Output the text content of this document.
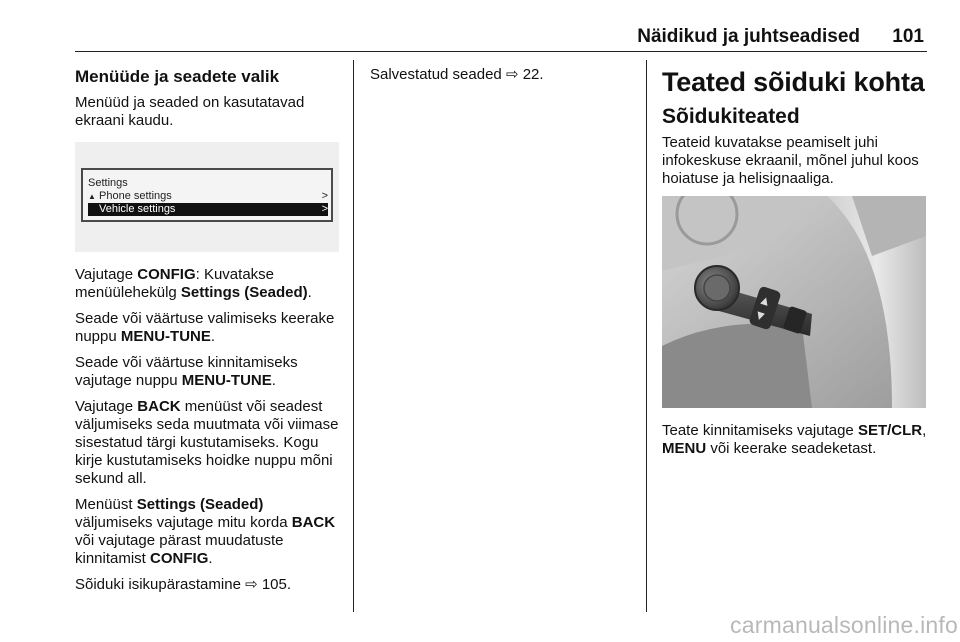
Näidikud ja juhtseadised	101
Menüüde ja seadete valik

Menüüd ja seaded on kasutatavad ekraani kaudu.

Settings
▲ Phone settings	>
Vehicle settings	>

Vajutage CONFIG: Kuvatakse menüülehekülg Settings (Seaded).

Seade või väärtuse valimiseks keerake nuppu MENU-TUNE.

Seade või väärtuse kinnitamiseks vajutage nuppu MENU-TUNE.

Vajutage BACK menüüst või seadest väljumiseks seda muutmata või viimase sisestatud tärgi kustutamiseks. Kogu kirje kustutamiseks hoidke nuppu mõni sekund all.

Menüüst Settings (Seaded) väljumiseks vajutage mitu korda BACK või vajutage pärast muudatuste kinnitamist CONFIG.

Sõiduki isikupärastamine ⇨ 105.

Salvestatud seaded ⇨ 22.	Teated sõiduki kohta
Sõidukiteated

Teateid kuvatakse peamiselt juhi infokeskuse ekraanil, mõnel juhul koos hoiatuse ja helisignaaliga.

▲
▼

Teate kinnitamiseks vajutage SET/CLR, MENU või keerake seadeketast.

carmanualsonline.info
